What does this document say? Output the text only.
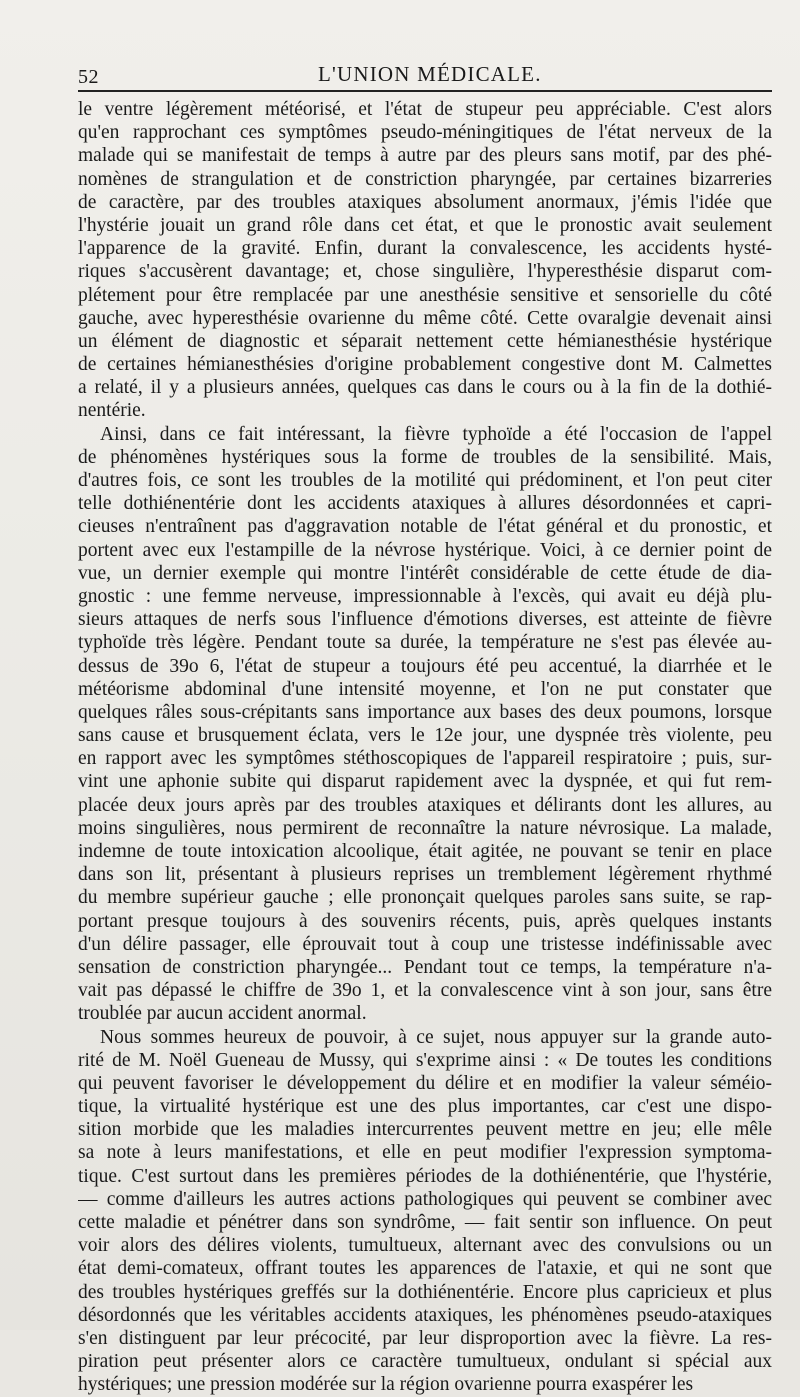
52	L'UNION MÉDICALE.
le ventre légèrement météorisé, et l'état de stupeur peu appréciable. C'est alors
qu'en rapprochant ces symptômes pseudo-méningitiques de l'état nerveux de la
malade qui se manifestait de temps à autre par des pleurs sans motif, par des phé-
nomènes de strangulation et de constriction pharyngée, par certaines bizarreries
de caractère, par des troubles ataxiques absolument anormaux, j'émis l'idée que
l'hystérie jouait un grand rôle dans cet état, et que le pronostic avait seulement
l'apparence de la gravité. Enfin, durant la convalescence, les accidents hysté-
riques s'accusèrent davantage; et, chose singulière, l'hyperesthésie disparut com-
plétement pour être remplacée par une anesthésie sensitive et sensorielle du côté
gauche, avec hyperesthésie ovarienne du même côté. Cette ovaralgie devenait ainsi
un élément de diagnostic et séparait nettement cette hémianesthésie hystérique
de certaines hémianesthésies d'origine probablement congestive dont M. Calmettes
a relaté, il y a plusieurs années, quelques cas dans le cours ou à la fin de la dothié-
nentérie.
Ainsi, dans ce fait intéressant, la fièvre typhoïde a été l'occasion de l'appel
de phénomènes hystériques sous la forme de troubles de la sensibilité. Mais,
d'autres fois, ce sont les troubles de la motilité qui prédominent, et l'on peut citer
telle dothiénentérie dont les accidents ataxiques à allures désordonnées et capri-
cieuses n'entraînent pas d'aggravation notable de l'état général et du pronostic, et
portent avec eux l'estampille de la névrose hystérique. Voici, à ce dernier point de
vue, un dernier exemple qui montre l'intérêt considérable de cette étude de dia-
gnostic : une femme nerveuse, impressionnable à l'excès, qui avait eu déjà plu-
sieurs attaques de nerfs sous l'influence d'émotions diverses, est atteinte de fièvre
typhoïde très légère. Pendant toute sa durée, la température ne s'est pas élevée au-
dessus de 39o 6, l'état de stupeur a toujours été peu accentué, la diarrhée et le
météorisme abdominal d'une intensité moyenne, et l'on ne put constater que
quelques râles sous-crépitants sans importance aux bases des deux poumons, lorsque
sans cause et brusquement éclata, vers le 12e jour, une dyspnée très violente, peu
en rapport avec les symptômes stéthoscopiques de l'appareil respiratoire ; puis, sur-
vint une aphonie subite qui disparut rapidement avec la dyspnée, et qui fut rem-
placée deux jours après par des troubles ataxiques et délirants dont les allures, au
moins singulières, nous permirent de reconnaître la nature névrosique. La malade,
indemne de toute intoxication alcoolique, était agitée, ne pouvant se tenir en place
dans son lit, présentant à plusieurs reprises un tremblement légèrement rhythmé
du membre supérieur gauche ; elle prononçait quelques paroles sans suite, se rap-
portant presque toujours à des souvenirs récents, puis, après quelques instants
d'un délire passager, elle éprouvait tout à coup une tristesse indéfinissable avec
sensation de constriction pharyngée... Pendant tout ce temps, la température n'a-
vait pas dépassé le chiffre de 39o 1, et la convalescence vint à son jour, sans être
troublée par aucun accident anormal.
Nous sommes heureux de pouvoir, à ce sujet, nous appuyer sur la grande auto-
rité de M. Noël Gueneau de Mussy, qui s'exprime ainsi : « De toutes les conditions
qui peuvent favoriser le développement du délire et en modifier la valeur séméio-
tique, la virtualité hystérique est une des plus importantes, car c'est une dispo-
sition morbide que les maladies intercurrentes peuvent mettre en jeu; elle mêle
sa note à leurs manifestations, et elle en peut modifier l'expression symptoma-
tique. C'est surtout dans les premières périodes de la dothiénentérie, que l'hystérie,
— comme d'ailleurs les autres actions pathologiques qui peuvent se combiner avec
cette maladie et pénétrer dans son syndrôme, — fait sentir son influence. On peut
voir alors des délires violents, tumultueux, alternant avec des convulsions ou un
état demi-comateux, offrant toutes les apparences de l'ataxie, et qui ne sont que
des troubles hystériques greffés sur la dothiénentérie. Encore plus capricieux et plus
désordonnés que les véritables accidents ataxiques, les phénomènes pseudo-ataxiques
s'en distinguent par leur précocité, par leur disproportion avec la fièvre. La res-
piration peut présenter alors ce caractère tumultueux, ondulant si spécial aux
hystériques; une pression modérée sur la région ovarienne pourra exaspérer les
